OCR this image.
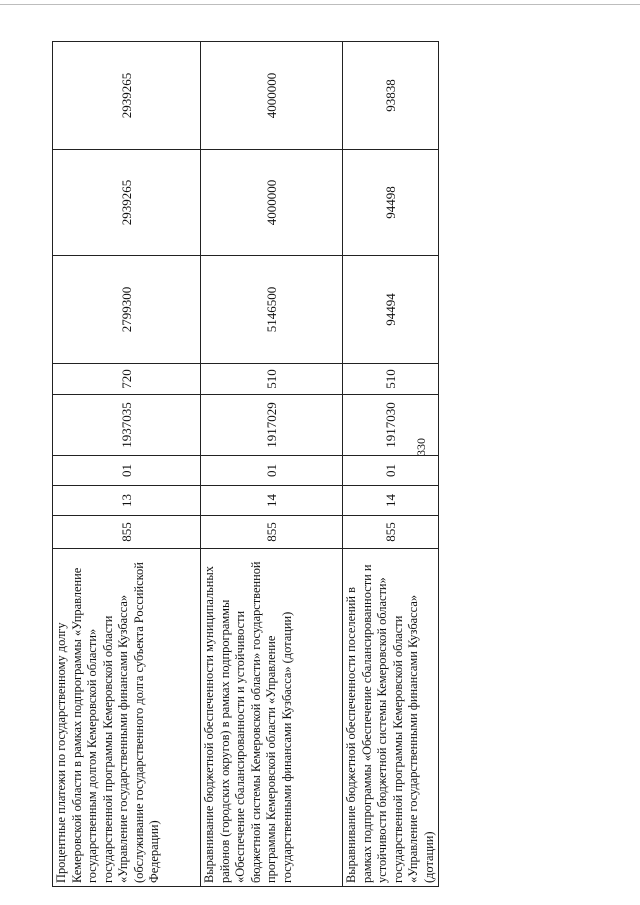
330
Процентные платежи по государственному долгу Кемеровской области в рамках подпрограммы «Управление государственным долгом Кемеровской области» государственной программы Кемеровской области «Управление государственными финансами Кузбасса» (обслуживание государственного долга субъекта Российской Федерации)	855	13	01	1937035	720	2799300	2939265	2939265
Выравнивание бюджетной обеспеченности муниципальных районов (городских округов) в рамках подпрограммы «Обеспечение сбалансированности и устойчивости бюджетной системы Кемеровской области» государственной программы Кемеровской области «Управление государственными финансами Кузбасса» (дотации)	855	14	01	1917029	510	5146500	4000000	4000000
Выравнивание бюджетной обеспеченности поселений в рамках подпрограммы «Обеспечение сбалансированности и устойчивости бюджетной системы Кемеровской области» государственной программы Кемеровской области «Управление государственными финансами Кузбасса» (дотации)	855	14	01	1917030	510	94494	94498	93838
